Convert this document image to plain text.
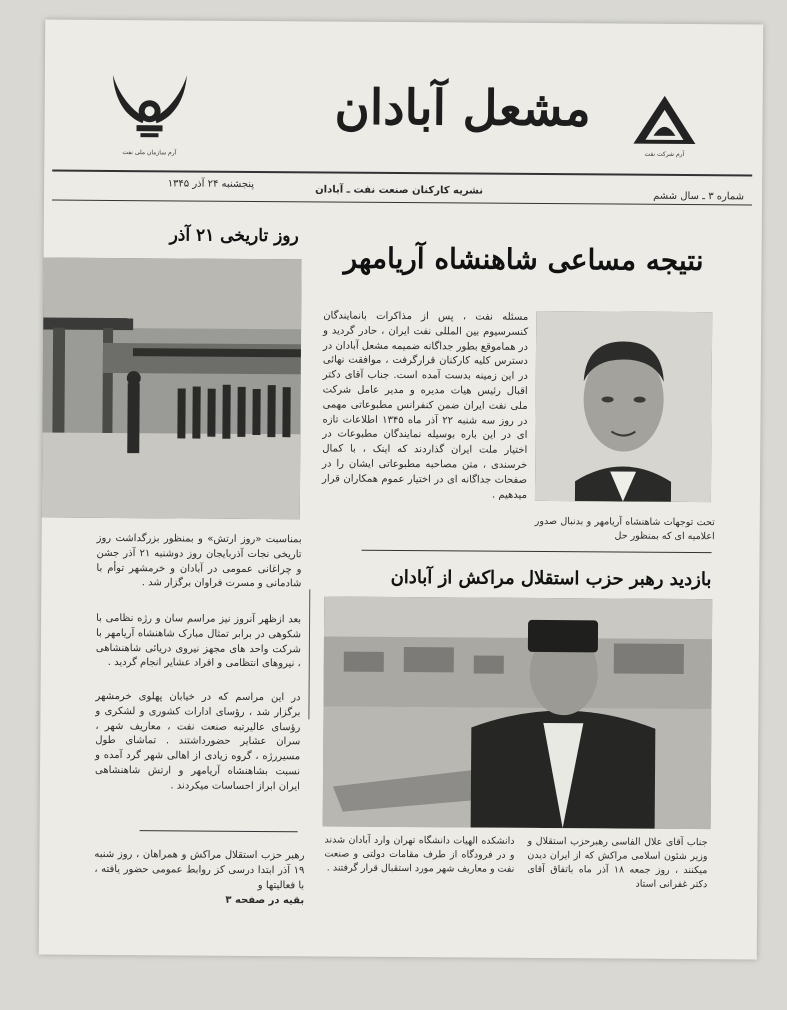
آرم سازمان ملی نفت
مشعل آبادان
آرم شرکت نفت
شماره ۳ ـ سال ششم
نشریه کارکنان صنعت نفت ـ آبادان
پنجشنبه ۲۴ آذر ۱۳۴۵
روز تاریخی ۲۱ آذر
بمناسبت «روز ارتش» و بمنظور بزرگداشت روز تاریخی نجات آذربایجان روز دوشنبه ۲۱ آذر جشن و چراغانی عمومی در آبادان و خرمشهر توأم با شادمانی و مسرت فراوان برگزار شد .
بعد ازظهر آنروز نیز مراسم سان و رژه نظامی با شکوهی در برابر تمثال مبارک شاهنشاه آریامهر با شرکت واحد های مجهز نیروی دریائی شاهنشاهی ، نیروهای انتظامی و افراد عشایر انجام گردید .
در این مراسم که در خیابان پهلوی خرمشهر برگزار شد ، رؤسای ادارات کشوری و لشکری و رؤسای عالیرتبه صنعت نفت ، معاریف شهر ، سران عشایر حضورداشتند . تماشای طول مسیررژه ، گروه زیادی از اهالی شهر گرد آمده و نسبت بشاهنشاه آریامهر و ارتش شاهنشاهی ایران ابراز احساسات میکردند .
رهبر حزب استقلال مراکش و همراهان ، روز شنبه ۱۹ آذر ابتدا درسی کز روابط عمومی حضور یافته ، با فعالیتها و
بقیه در صفحه ۳
نتیجه مساعی شاهنشاه آریامهر
مسئله نفت ، پس از مذاکرات بانمایندگان کنسرسیوم بین المللی نفت ایران ، حادر گردید و در هماموقع بطور جداگانه ضمیمه مشعل آبادان در دسترس کلیه کارکنان قرارگرفت ، موافقت نهائی در این زمینه بدست آمده است. جناب آقای دکتر اقبال رئیس هیات مدیره و مدیر عامل شرکت ملی نفت ایران ضمن کنفرانس مطبوعاتی مهمی در روز سه شنبه ۲۲ آذر ماه ۱۳۴۵ اطلاعات تازه ای در این باره بوسیله نمایندگان مطبوعات در اختیار ملت ایران گذاردند که اینک ، با کمال خرسندی ، متن مصاحبه مطبوعاتی ایشان را در صفحات جداگانه ای در اختیار عموم همکاران قرار میدهیم .
تحت توجهات شاهنشاه آریامهر و بدنبال صدور اعلامیه ای که بمنظور حل
بازدید رهبر حزب استقلال مراکش از آبادان
جناب آقای علال الفاسی رهبرحزب استقلال و وزیر شئون اسلامی مراکش که از ایران دیدن میکنند ، روز جمعه ۱۸ آذر ماه باتفاق آقای دکتر غفرانی استاد
دانشکده الهیات دانشگاه تهران وارد آبادان شدند و در فرودگاه از طرف مقامات دولتی و صنعت نفت و معاریف شهر مورد استقبال قرار گرفتند .
